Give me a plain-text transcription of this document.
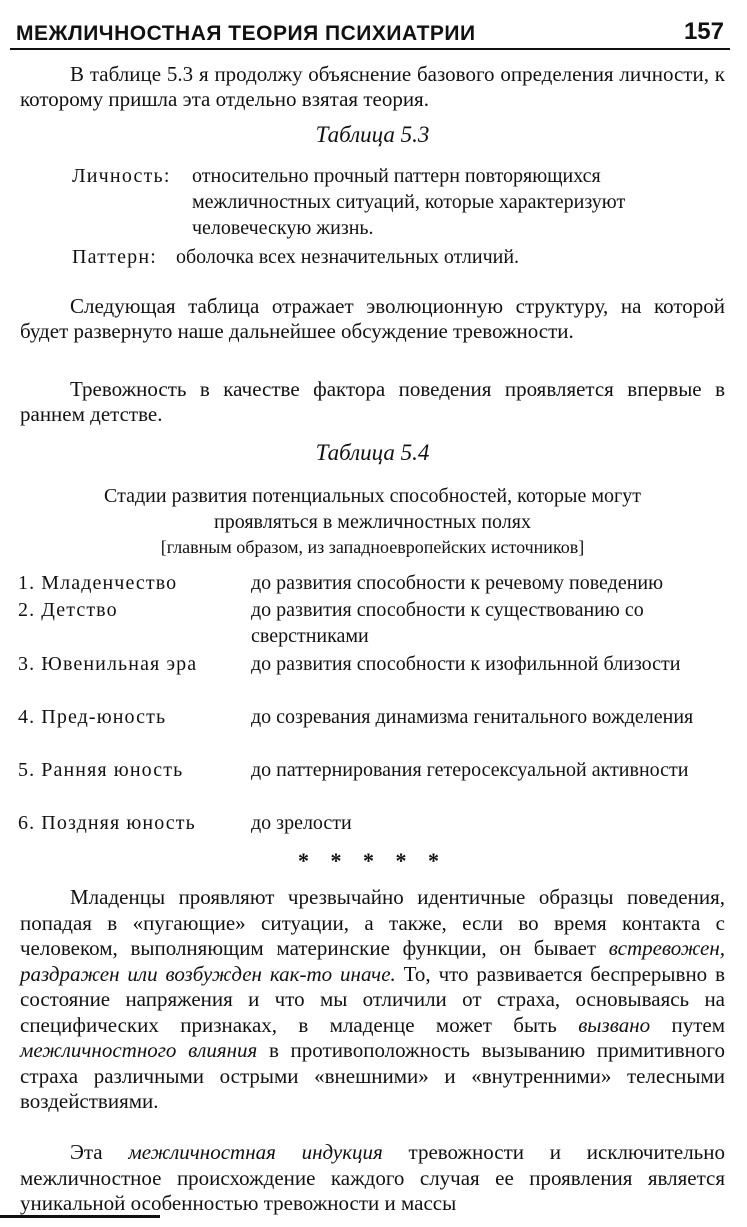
МЕЖЛИЧНОСТНАЯ ТЕОРИЯ ПСИХИАТРИИ	157

В таблице 5.3 я продолжу объяснение базового определения личности, к которому пришла эта отдельно взятая теория.

Таблица 5.3
Личность: относительно прочный паттерн повторяющихся межличностных ситуаций, которые характеризуют человеческую жизнь.
Паттерн: оболочка всех незначительных отличий.

Следующая таблица отражает эволюционную структуру, на которой будет развернуто наше дальнейшее обсуждение тревожности.

Тревожность в качестве фактора поведения проявляется впервые в раннем детстве.

Таблица 5.4
Стадии развития потенциальных способностей, которые могут
проявляться в межличностных полях
[главным образом, из западноевропейских источников]
1. Младенчество	до развития способности к речевому поведению
2. Детство	до развития способности к существованию со сверстниками
3. Ювенильная эра	до развития способности к изофильнной близости
4. Пред-юность	до созревания динамизма генитального вожделения
5. Ранняя юность	до паттернирования гетеросексуальной активности
6. Поздняя юность	до зрелости
* * * * *

Младенцы проявляют чрезвычайно идентичные образцы поведения, попадая в «пугающие» ситуации, а также, если во время контакта с человеком, выполняющим материнские функции, он бывает встревожен, раздражен или возбужден как-то иначе. То, что развивается беспрерывно в состояние напряжения и что мы отличили от страха, основываясь на специфических признаках, в младенце может быть вызвано путем межличностного влияния в противоположность вызыванию примитивного страха различными острыми «внешними» и «внутренними» телесными воздействиями.

Эта межличностная индукция тревожности и исключительно межличностное происхождение каждого случая ее проявления является уникальной особенностью тревожности и массы
